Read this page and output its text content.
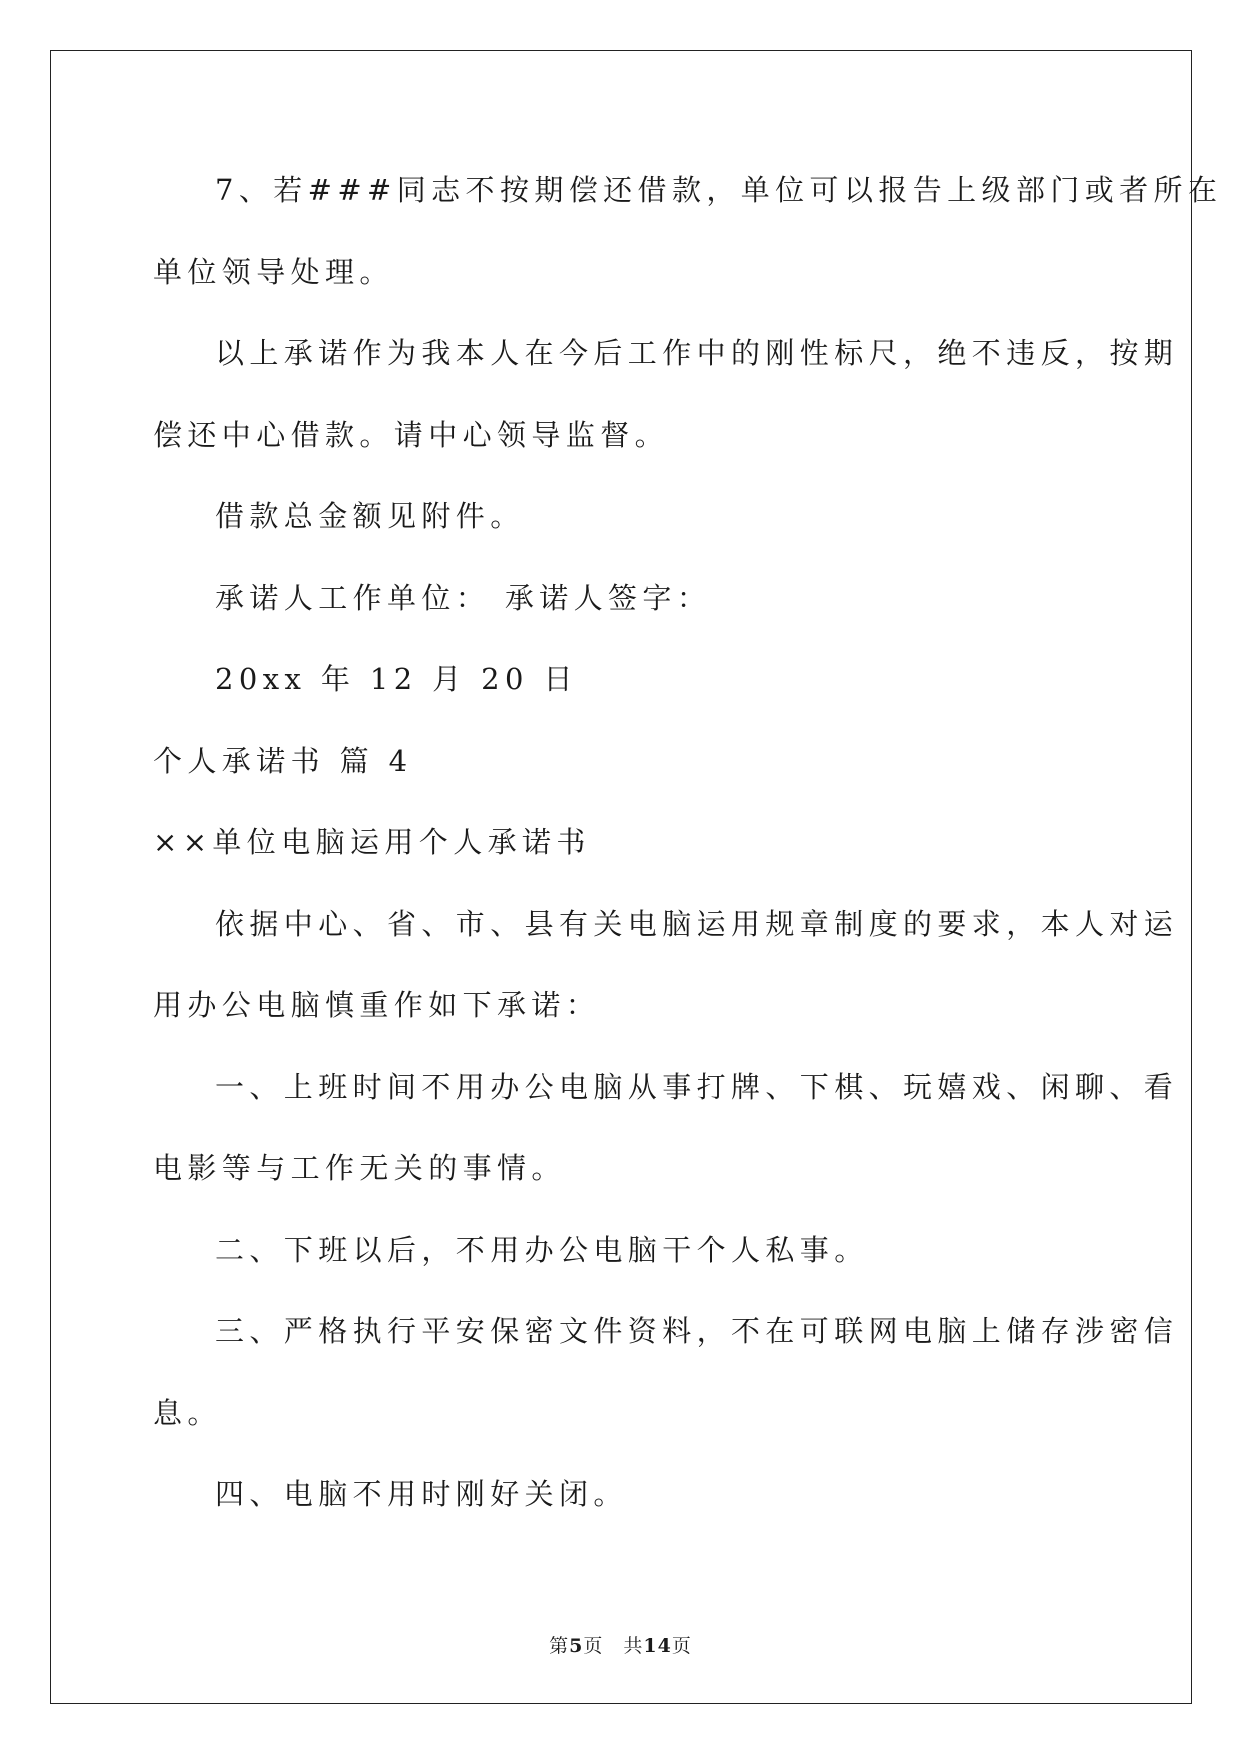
7、若###同志不按期偿还借款，单位可以报告上级部门或者所在
单位领导处理。
以上承诺作为我本人在今后工作中的刚性标尺，绝不违反，按期
偿还中心借款。请中心领导监督。
借款总金额见附件。
承诺人工作单位： 承诺人签字：
20xx 年 12 月 20 日
个人承诺书 篇 4
××单位电脑运用个人承诺书
依据中心、省、市、县有关电脑运用规章制度的要求，本人对运
用办公电脑慎重作如下承诺：
一、上班时间不用办公电脑从事打牌、下棋、玩嬉戏、闲聊、看
电影等与工作无关的事情。
二、下班以后，不用办公电脑干个人私事。
三、严格执行平安保密文件资料，不在可联网电脑上储存涉密信
息。
四、电脑不用时刚好关闭。
第5页 共14页
